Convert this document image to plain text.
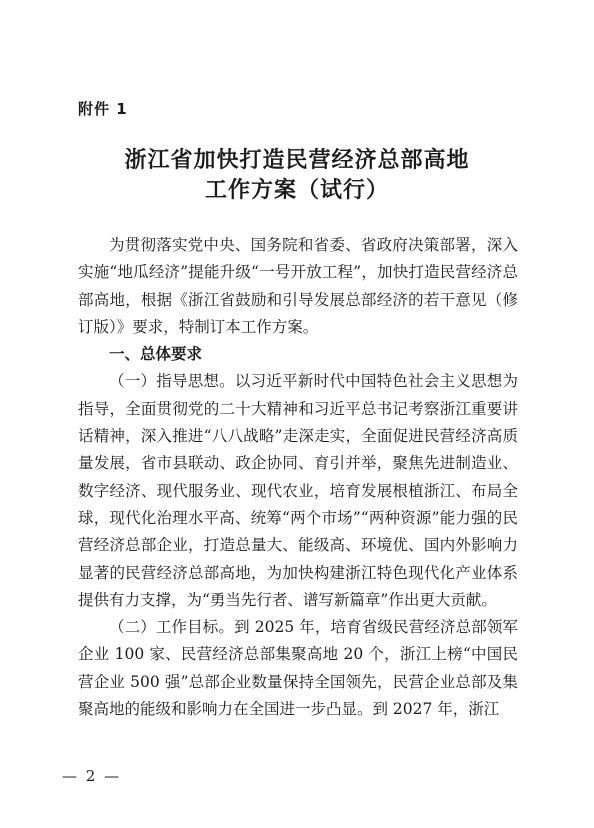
附件 1
浙江省加快打造民营经济总部高地
工作方案（试行）

为贯彻落实党中央、国务院和省委、省政府决策部署，深入实施“地瓜经济”提能升级“一号开放工程”，加快打造民营经济总部高地，根据《浙江省鼓励和引导发展总部经济的若干意见（修订版）》要求，特制订本工作方案。

一、总体要求

（一）指导思想。以习近平新时代中国特色社会主义思想为指导，全面贯彻党的二十大精神和习近平总书记考察浙江重要讲话精神，深入推进“八八战略”走深走实，全面促进民营经济高质量发展，省市县联动、政企协同、育引并举，聚焦先进制造业、数字经济、现代服务业、现代农业，培育发展根植浙江、布局全球，现代化治理水平高、统筹“两个市场”“两种资源”能力强的民营经济总部企业，打造总量大、能级高、环境优、国内外影响力显著的民营经济总部高地，为加快构建浙江特色现代化产业体系提供有力支撑，为“勇当先行者、谱写新篇章”作出更大贡献。

（二）工作目标。到 2025 年，培育省级民营经济总部领军企业 100 家、民营经济总部集聚高地 20 个，浙江上榜“中国民营企业 500 强”总部企业数量保持全国领先，民营企业总部及集聚高地的能级和影响力在全国进一步凸显。到 2027 年，浙江

— 2 —
